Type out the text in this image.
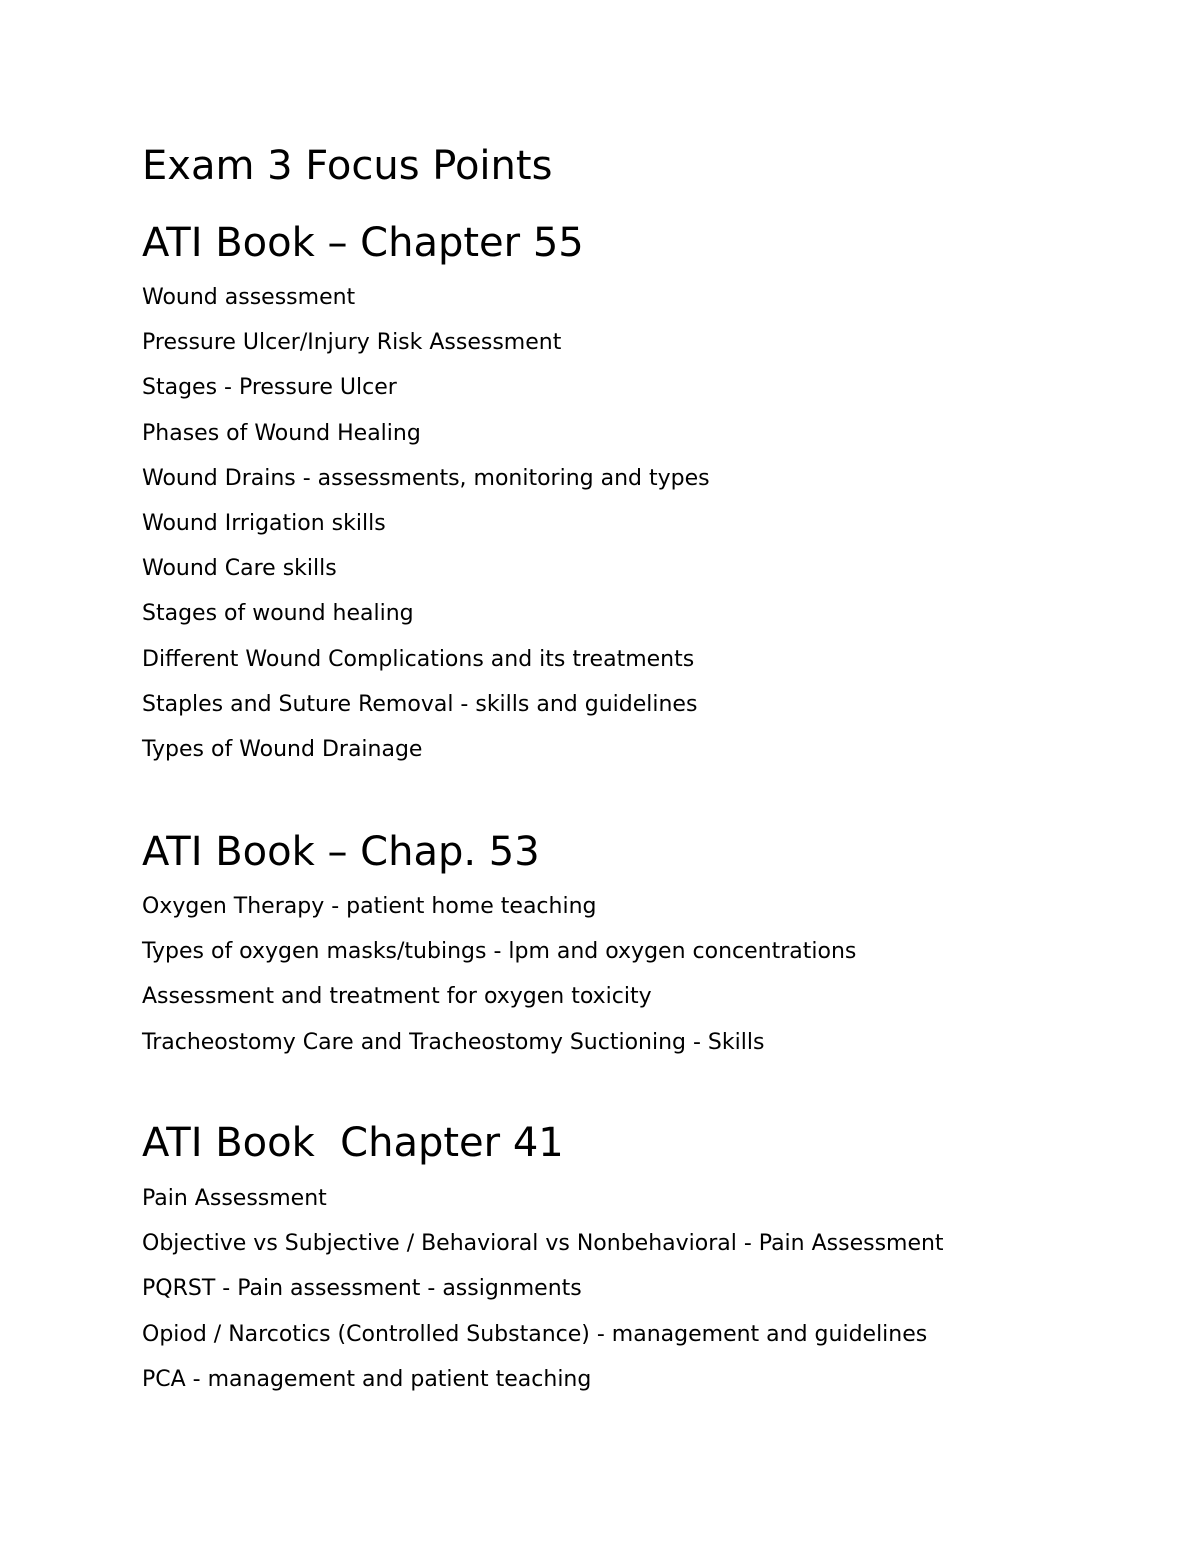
Exam 3 Focus Points
ATI Book – Chapter 55
Wound assessment
Pressure Ulcer/Injury Risk Assessment
Stages - Pressure Ulcer
Phases of Wound Healing
Wound Drains - assessments, monitoring and types
Wound Irrigation skills
Wound Care skills
Stages of wound healing
Different Wound Complications and its treatments
Staples and Suture Removal - skills and guidelines
Types of Wound Drainage
ATI Book – Chap. 53
Oxygen Therapy - patient home teaching
Types of oxygen masks/tubings - lpm and oxygen concentrations
Assessment and treatment for oxygen toxicity
Tracheostomy Care and Tracheostomy Suctioning - Skills
ATI Book  Chapter 41
Pain Assessment
Objective vs Subjective / Behavioral vs Nonbehavioral - Pain Assessment
PQRST - Pain assessment - assignments
Opiod / Narcotics (Controlled Substance) - management and guidelines
PCA - management and patient teaching
